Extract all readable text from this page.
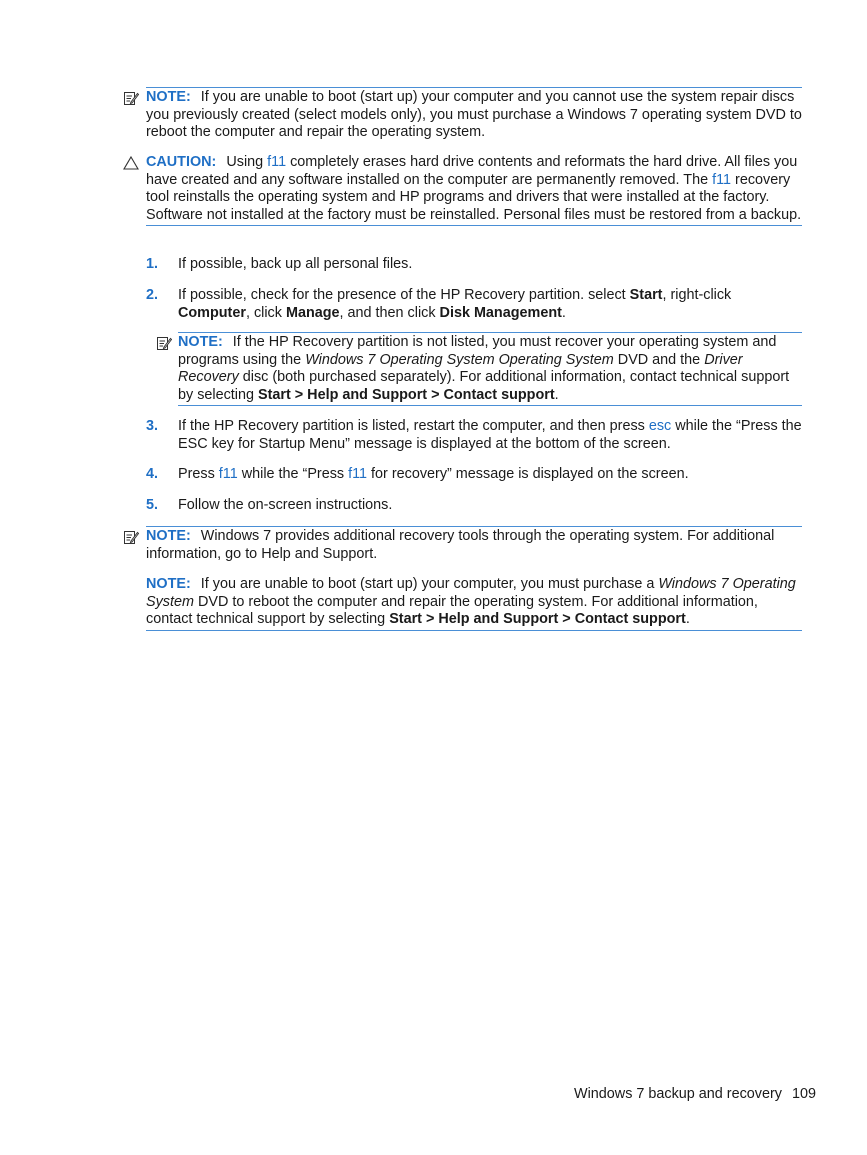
NOTE: If you are unable to boot (start up) your computer and you cannot use the system repair discs you previously created (select models only), you must purchase a Windows 7 operating system DVD to reboot the computer and repair the operating system.
CAUTION: Using f11 completely erases hard drive contents and reformats the hard drive. All files you have created and any software installed on the computer are permanently removed. The f11 recovery tool reinstalls the operating system and HP programs and drivers that were installed at the factory. Software not installed at the factory must be reinstalled. Personal files must be restored from a backup.
1. If possible, back up all personal files.
2. If possible, check for the presence of the HP Recovery partition. select Start, right-click Computer, click Manage, and then click Disk Management.
NOTE: If the HP Recovery partition is not listed, you must recover your operating system and programs using the Windows 7 Operating System Operating System DVD and the Driver Recovery disc (both purchased separately). For additional information, contact technical support by selecting Start > Help and Support > Contact support.
3. If the HP Recovery partition is listed, restart the computer, and then press esc while the “Press the ESC key for Startup Menu” message is displayed at the bottom of the screen.
4. Press f11 while the “Press f11 for recovery” message is displayed on the screen.
5. Follow the on-screen instructions.
NOTE: Windows 7 provides additional recovery tools through the operating system. For additional information, go to Help and Support.
NOTE: If you are unable to boot (start up) your computer, you must purchase a Windows 7 Operating System DVD to reboot the computer and repair the operating system. For additional information, contact technical support by selecting Start > Help and Support > Contact support.
Windows 7 backup and recovery 109
